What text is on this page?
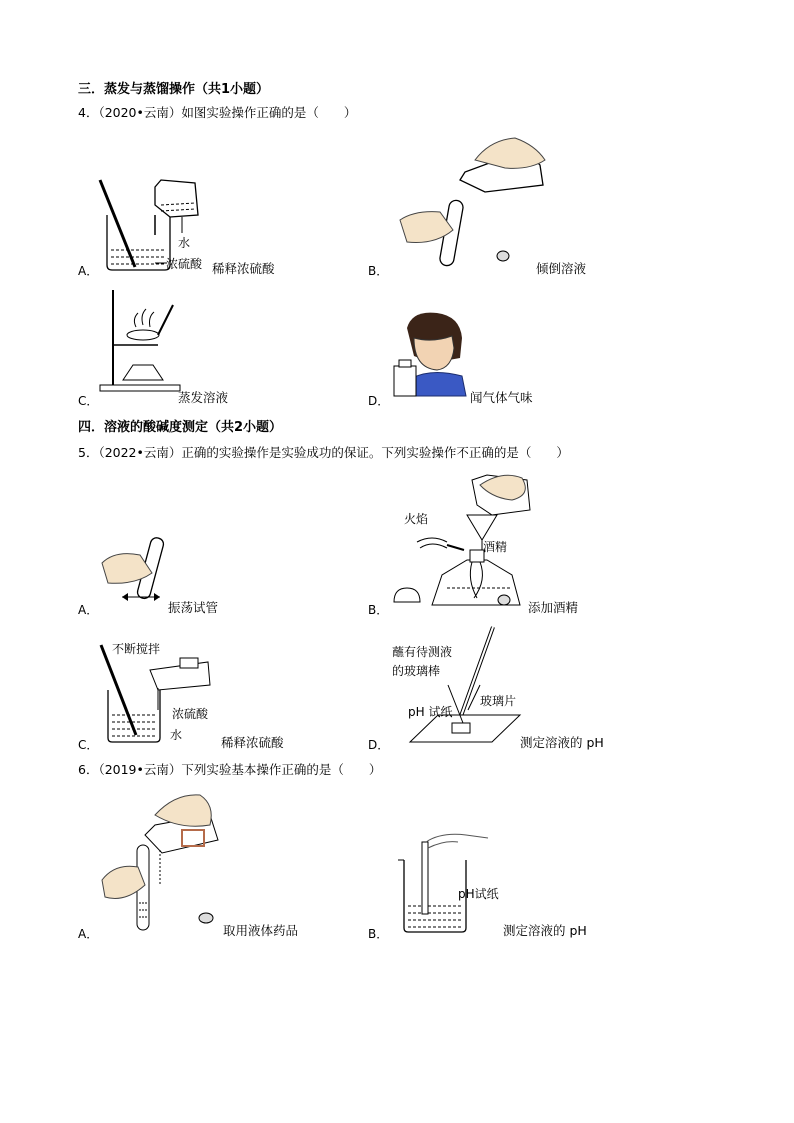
三．蒸发与蒸馏操作（共1小题）
4．（2020•云南）如图实验操作正确的是（　　）
水
浓硫酸
A．	稀释浓硫酸	B．	倾倒溶液
C．	蒸发溶液	D．	闻气体气味
四．溶液的酸碱度测定（共2小题）
5．（2022•云南）正确的实验操作是实验成功的保证。下列实验操作不正确的是（　　）
A．	振荡试管
火焰
酒精
B．	添加酒精
不断搅拌
浓硫酸
水
C．	稀释浓硫酸
蘸有待测液
的玻璃棒
pH 试纸
玻璃片
D．	测定溶液的 pH
6．（2019•云南）下列实验基本操作正确的是（　　）
A．	取用液体药品
pH试纸
B．	测定溶液的 pH
